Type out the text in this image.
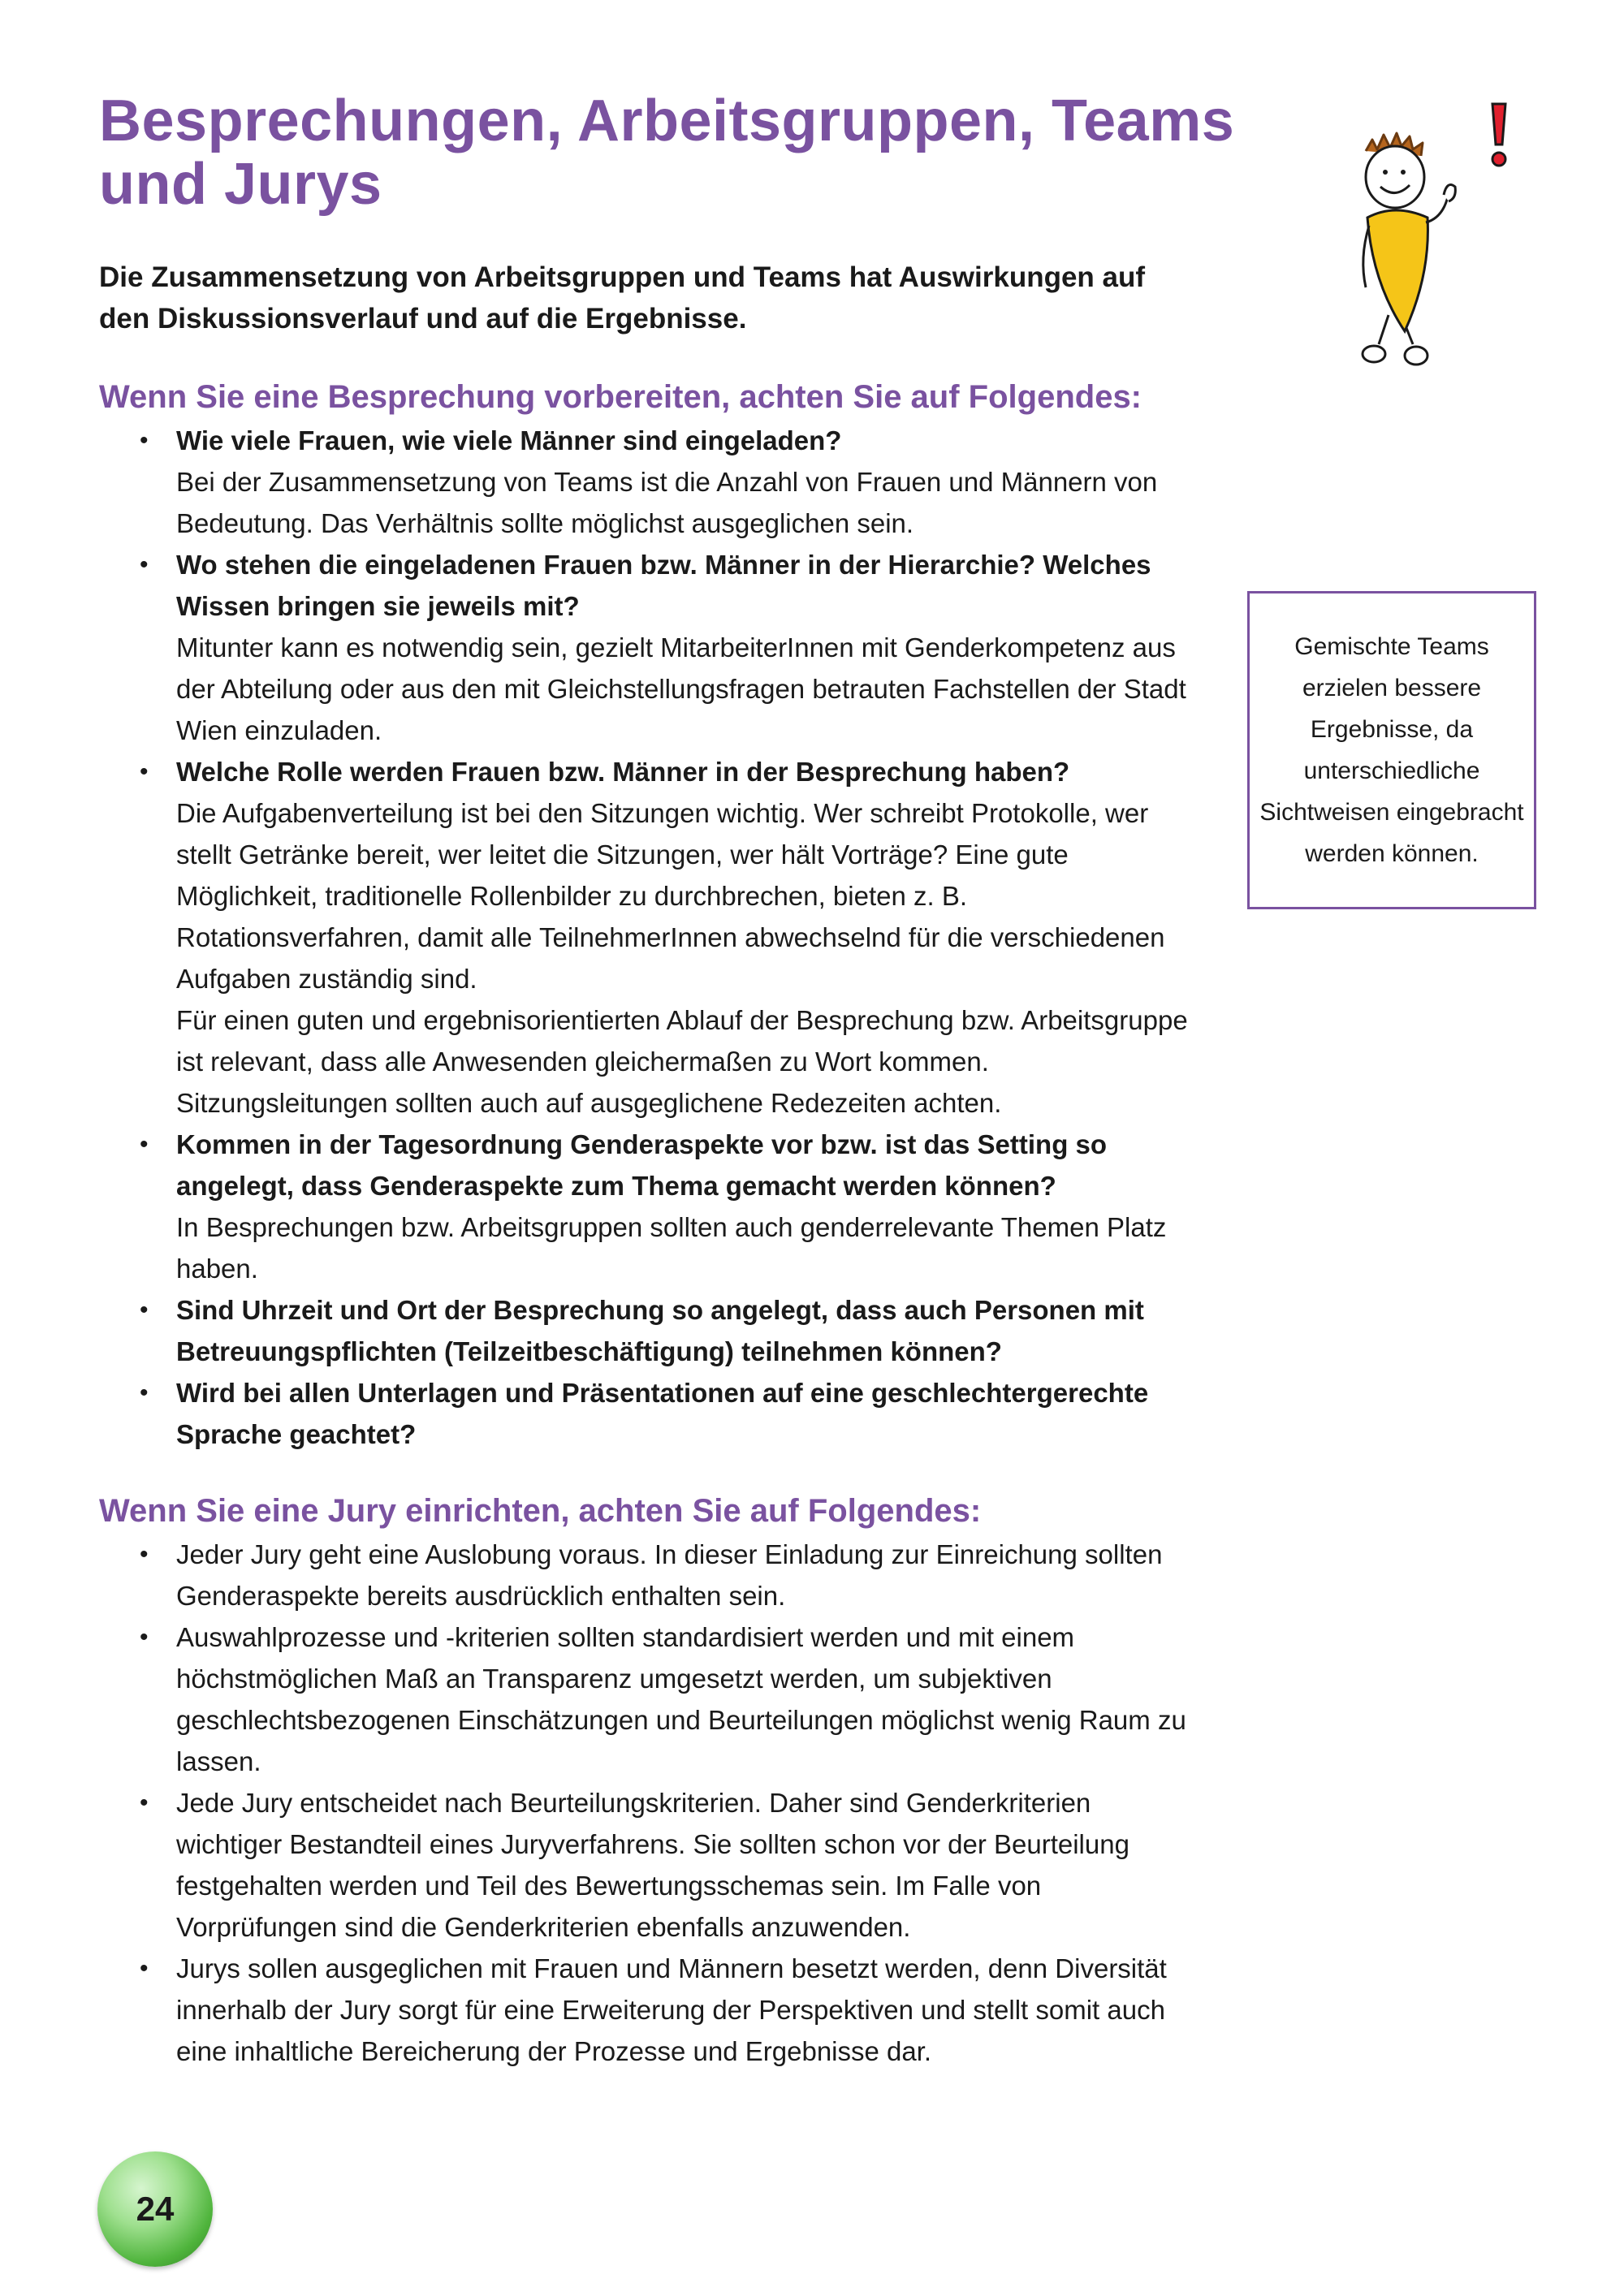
Besprechungen, Arbeitsgruppen, Teams und Jurys

Die Zusammensetzung von Arbeitsgruppen und Teams hat Auswirkungen auf den Diskussionsverlauf und auf die Ergebnisse.

Wenn Sie eine Besprechung vorbereiten, achten Sie auf Folgendes:
• Wie viele Frauen, wie viele Männer sind eingeladen?
Bei der Zusammensetzung von Teams ist die Anzahl von Frauen und Männern von Bedeutung. Das Verhältnis sollte möglichst ausgeglichen sein.
• Wo stehen die eingeladenen Frauen bzw. Männer in der Hierarchie? Welches Wissen bringen sie jeweils mit?
Mitunter kann es notwendig sein, gezielt MitarbeiterInnen mit Genderkompetenz aus der Abteilung oder aus den mit Gleichstellungsfragen betrauten Fachstellen der Stadt Wien einzuladen.
• Welche Rolle werden Frauen bzw. Männer in der Besprechung haben?
Die Aufgabenverteilung ist bei den Sitzungen wichtig. Wer schreibt Protokolle, wer stellt Getränke bereit, wer leitet die Sitzungen, wer hält Vorträge? Eine gute Möglichkeit, traditionelle Rollenbilder zu durchbrechen, bieten z. B. Rotationsverfahren, damit alle TeilnehmerInnen abwechselnd für die verschiedenen Aufgaben zuständig sind.
Für einen guten und ergebnisorientierten Ablauf der Besprechung bzw. Arbeitsgruppe ist relevant, dass alle Anwesenden gleichermaßen zu Wort kommen. Sitzungsleitungen sollten auch auf ausgeglichene Redezeiten achten.
• Kommen in der Tagesordnung Genderaspekte vor bzw. ist das Setting so angelegt, dass Genderaspekte zum Thema gemacht werden können?
In Besprechungen bzw. Arbeitsgruppen sollten auch genderrelevante Themen Platz haben.
• Sind Uhrzeit und Ort der Besprechung so angelegt, dass auch Personen mit Betreuungspflichten (Teilzeitbeschäftigung) teilnehmen können?
• Wird bei allen Unterlagen und Präsentationen auf eine geschlechtergerechte Sprache geachtet?
Wenn Sie eine Jury einrichten, achten Sie auf Folgendes:
• Jeder Jury geht eine Auslobung voraus. In dieser Einladung zur Einreichung sollten Genderaspekte bereits ausdrücklich enthalten sein.
• Auswahlprozesse und -kriterien sollten standardisiert werden und mit einem höchstmöglichen Maß an Transparenz umgesetzt werden, um subjektiven geschlechtsbezogenen Einschätzungen und Beurteilungen möglichst wenig Raum zu lassen.
• Jede Jury entscheidet nach Beurteilungskriterien. Daher sind Genderkriterien wichtiger Bestandteil eines Juryverfahrens. Sie sollten schon vor der Beurteilung festgehalten werden und Teil des Bewertungsschemas sein. Im Falle von Vorprüfungen sind die Genderkriterien ebenfalls anzuwenden.
• Jurys sollen ausgeglichen mit Frauen und Männern besetzt werden, denn Diversität innerhalb der Jury sorgt für eine Erweiterung der Perspektiven und stellt somit auch eine inhaltliche Bereicherung der Prozesse und Ergebnisse dar.
Gemischte Teams erzielen bessere Ergebnisse, da unterschiedliche Sichtweisen eingebracht werden können.
24
